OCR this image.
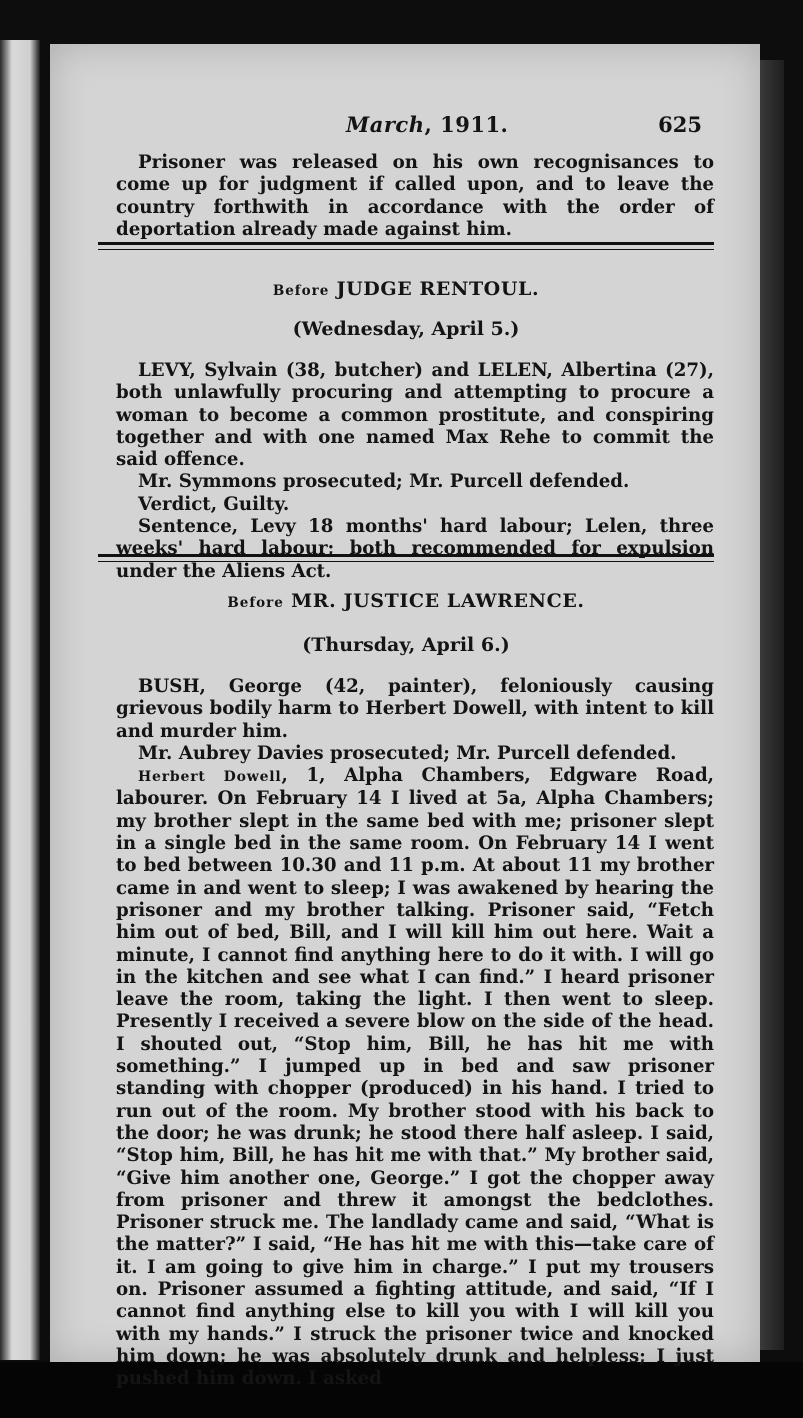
March, 1911.	625

Prisoner was released on his own recognisances to come up for judgment if called upon, and to leave the country forthwith in accordance with the order of deportation already made against him.

Before JUDGE RENTOUL.
(Wednesday, April 5.)

LEVY, Sylvain (38, butcher) and LELEN, Albertina (27), both unlawfully procuring and attempting to procure a woman to become a common prostitute, and conspiring together and with one named Max Rehe to commit the said offence.

Mr. Symmons prosecuted; Mr. Purcell defended.

Verdict, Guilty.

Sentence, Levy 18 months' hard labour; Lelen, three weeks' hard labour; both recommended for expulsion under the Aliens Act.

Before MR. JUSTICE LAWRENCE.
(Thursday, April 6.)

BUSH, George (42, painter), feloniously causing grievous bodily harm to Herbert Dowell, with intent to kill and murder him.

Mr. Aubrey Davies prosecuted; Mr. Purcell defended.

Herbert Dowell, 1, Alpha Chambers, Edgware Road, labourer. On February 14 I lived at 5a, Alpha Chambers; my brother slept in the same bed with me; prisoner slept in a single bed in the same room. On February 14 I went to bed between 10.30 and 11 p.m. At about 11 my brother came in and went to sleep; I was awakened by hearing the prisoner and my brother talking. Prisoner said, “Fetch him out of bed, Bill, and I will kill him out here. Wait a minute, I cannot find anything here to do it with. I will go in the kitchen and see what I can find.” I heard prisoner leave the room, taking the light. I then went to sleep. Presently I received a severe blow on the side of the head. I shouted out, “Stop him, Bill, he has hit me with something.” I jumped up in bed and saw prisoner standing with chopper (produced) in his hand. I tried to run out of the room. My brother stood with his back to the door; he was drunk; he stood there half asleep. I said, “Stop him, Bill, he has hit me with that.” My brother said, “Give him another one, George.” I got the chopper away from prisoner and threw it amongst the bedclothes. Prisoner struck me. The landlady came and said, “What is the matter?” I said, “He has hit me with this—take care of it. I am going to give him in charge.” I put my trousers on. Prisoner assumed a fighting attitude, and said, “If I cannot find anything else to kill you with I will kill you with my hands.” I struck the prisoner twice and knocked him down; he was absolutely drunk and helpless; I just pushed him down. I asked
